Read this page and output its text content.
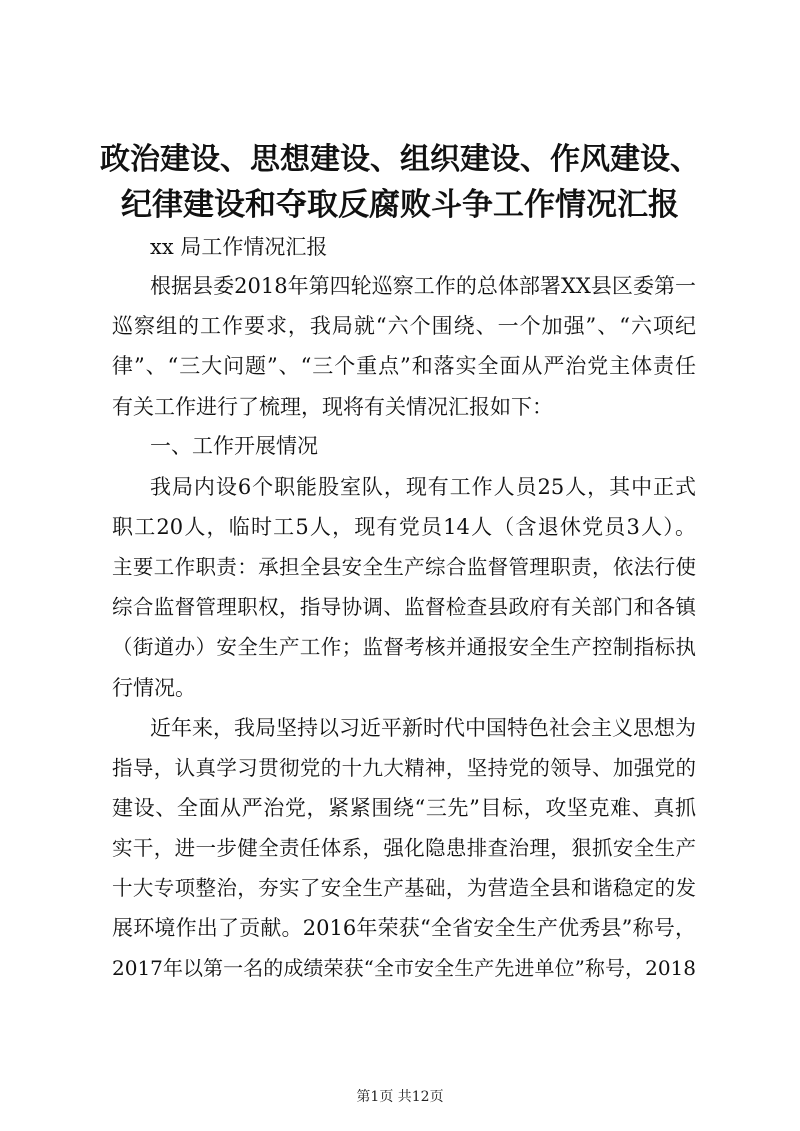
政治建设、思想建设、组织建设、作风建设、
纪律建设和夺取反腐败斗争工作情况汇报
xx 局工作情况汇报
根据县委2018年第四轮巡察工作的总体部署XX县区委第一
巡察组的工作要求，我局就“六个围绕、一个加强”、“六项纪
律”、“三大问题”、“三个重点”和落实全面从严治党主体责任
有关工作进行了梳理，现将有关情况汇报如下：
一、工作开展情况
我局内设6个职能股室队，现有工作人员25人，其中正式
职工20人，临时工5人，现有党员14人（含退休党员3人）。
主要工作职责：承担全县安全生产综合监督管理职责，依法行使
综合监督管理职权，指导协调、监督检查县政府有关部门和各镇
（街道办）安全生产工作；监督考核并通报安全生产控制指标执
行情况。
近年来，我局坚持以习近平新时代中国特色社会主义思想为
指导，认真学习贯彻党的十九大精神，坚持党的领导、加强党的
建设、全面从严治党，紧紧围绕“三先”目标，攻坚克难、真抓
实干，进一步健全责任体系，强化隐患排查治理，狠抓安全生产
十大专项整治，夯实了安全生产基础，为营造全县和谐稳定的发
展环境作出了贡献。2016年荣获“全省安全生产优秀县”称号，
2017年以第一名的成绩荣获“全市安全生产先进单位”称号，2018
第1页 共12页
